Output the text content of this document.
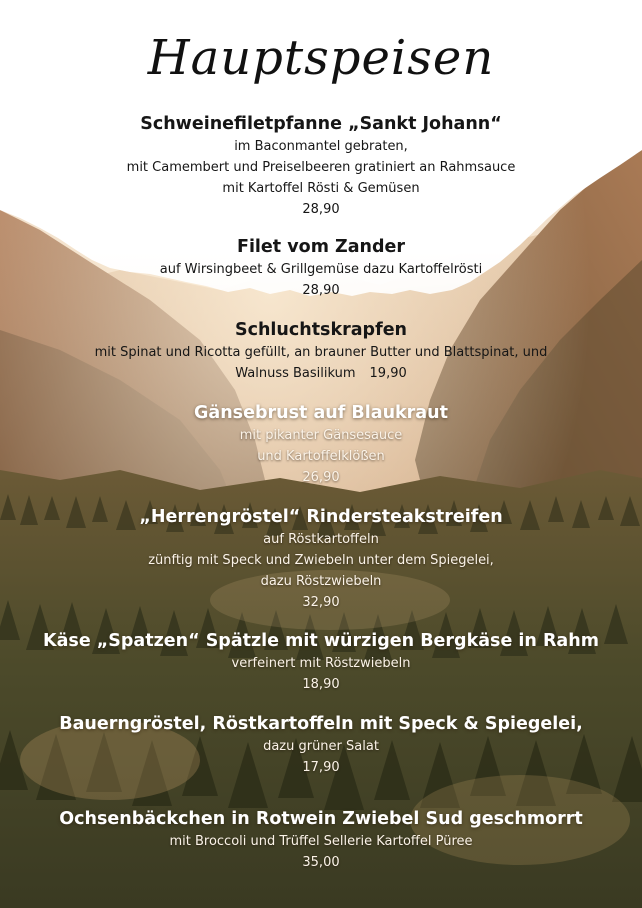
Hauptspeisen
Schweinefiletpfanne „Sankt Johann“
im Baconmantel gebraten,
mit Camembert und Preiselbeeren gratiniert an Rahmsauce
mit Kartoffel Rösti & Gemüsen
28,90
Filet vom Zander
auf Wirsingbeet & Grillgemüse dazu Kartoffelrösti
28,90
Schluchtskrapfen
mit Spinat und Ricotta gefüllt, an brauner Butter und Blattspinat, und
Walnuss Basilikum 19,90
Gänsebrust auf Blaukraut
mit pikanter Gänsesauce
und Kartoffelklößen
26,90
„Herrengröstel“ Rindersteakstreifen
auf Röstkartoffeln
zünftig mit Speck und Zwiebeln unter dem Spiegelei,
dazu Röstzwiebeln
32,90
Käse „Spatzen“ Spätzle mit würzigen Bergkäse in Rahm
verfeinert mit Röstzwiebeln
18,90
Bauerngröstel, Röstkartoffeln mit Speck & Spiegelei,
dazu grüner Salat
17,90
Ochsenbäckchen in Rotwein Zwiebel Sud geschmorrt
mit Broccoli und Trüffel Sellerie Kartoffel Püree
35,00
